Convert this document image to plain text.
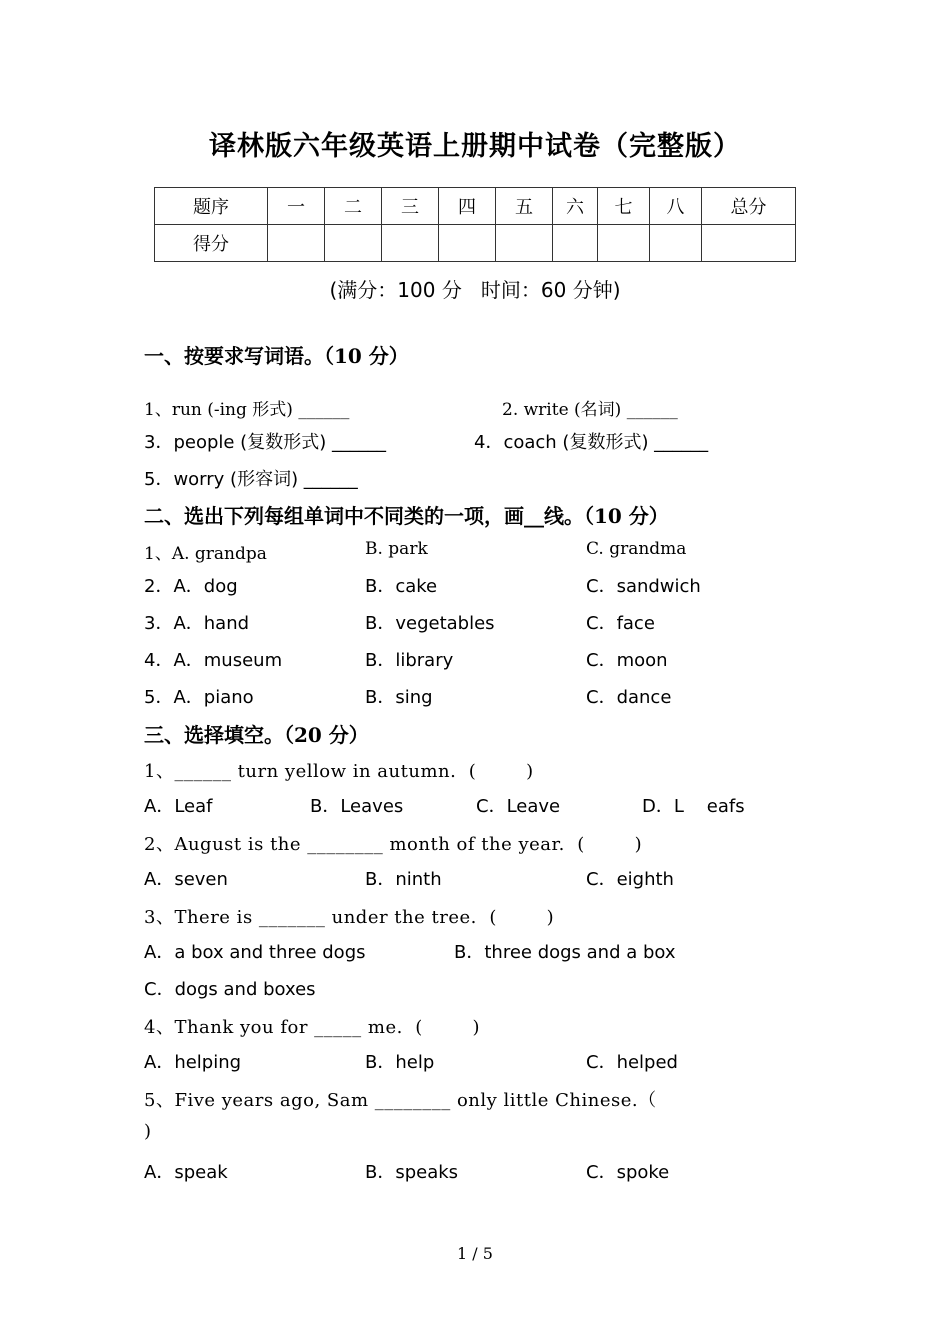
译林版六年级英语上册期中试卷（完整版）
题序	一	二	三	四	五	六	七	八	总分
得分									
(满分：100 分   时间：60 分钟)
一、按要求写词语。（10 分）
1、run (-ing 形式) ______	2. write (名词) ______
3．people (复数形式) ______	4．coach (复数形式) ______
5．worry (形容词) ______
二、选出下列每组单词中不同类的一项，画__线。（10 分）
1、A. grandpa	B. park	C. grandma
2．A．dog	B．cake	C．sandwich
3．A．hand	B．vegetables	C．face
4．A．museum	B．library	C．moon
5．A．piano	B．sing	C．dance
三、选择填空。（20 分）
1、______ turn yellow in autumn.  (        )
A．Leaf	B．Leaves	C．Leave	D．L    eafs
2、August is the ________ month of the year.  (        )
A．seven	B．ninth	C．eighth
3、There is _______ under the tree.  (        )
A．a box and three dogs	B．three dogs and a box
C．dogs and boxes
4、Thank you for _____ me.  (        )
A．helping	B．help	C．helped
5、Five years ago, Sam ________ only little Chinese.（
)
A．speak	B．speaks	C．spoke
1 / 5
